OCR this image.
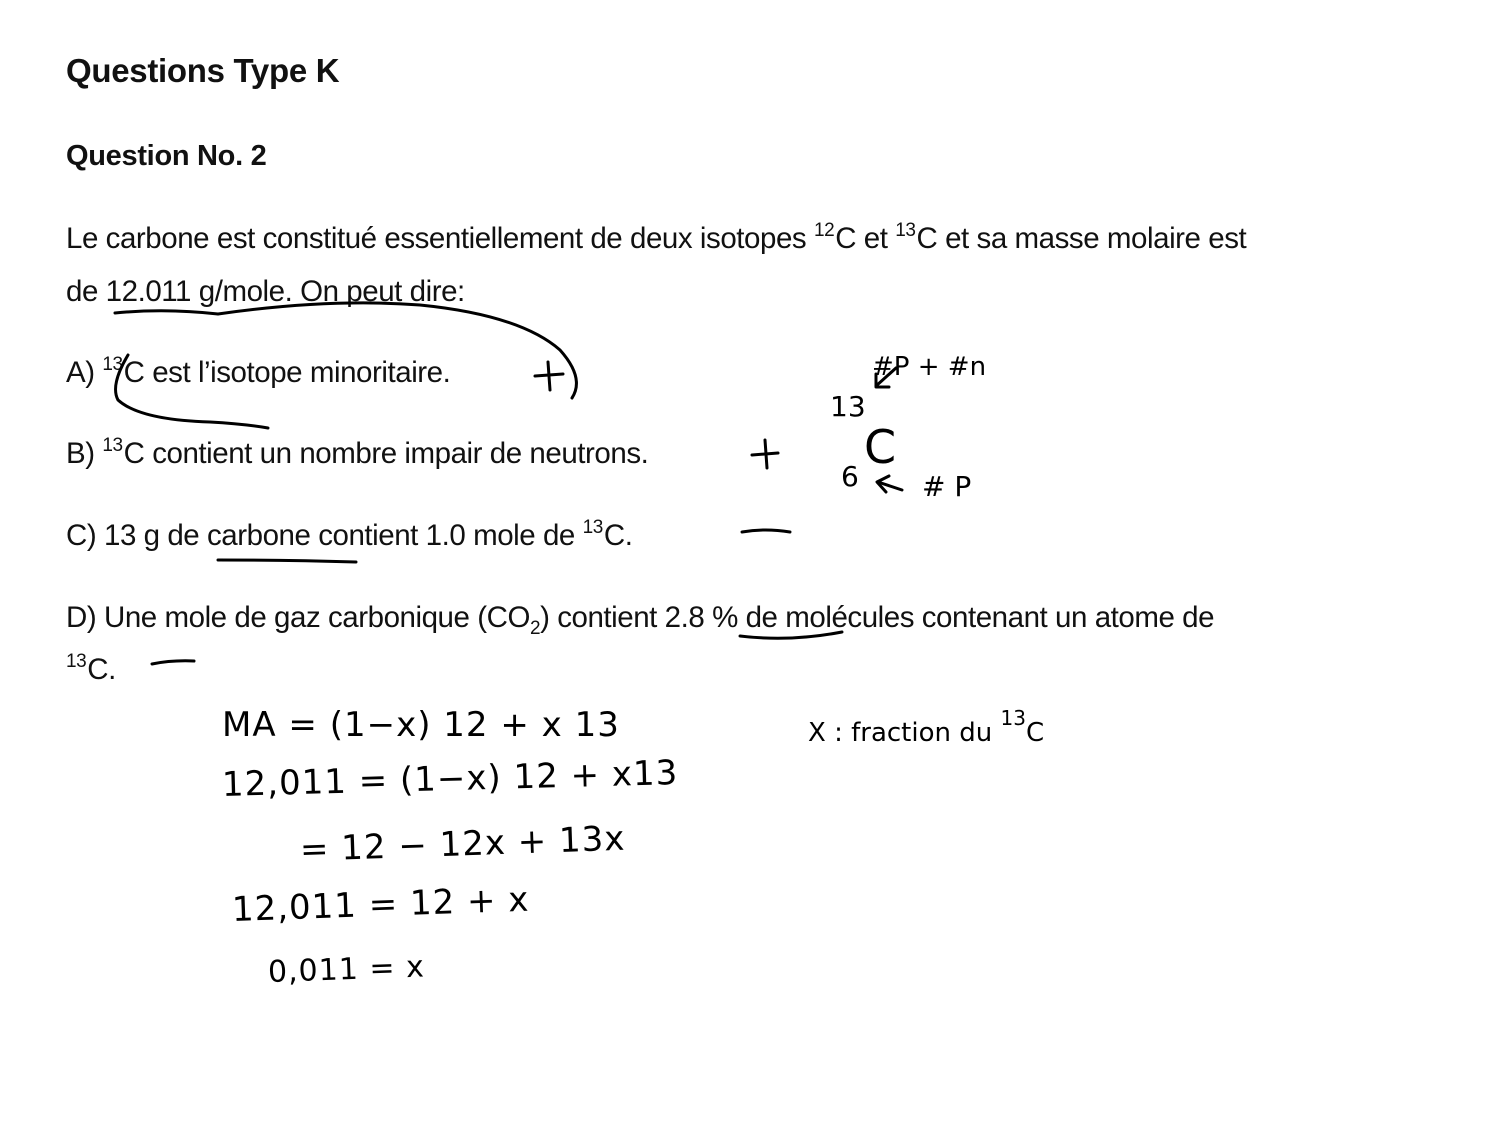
Questions Type K
Question No. 2
Le carbone est constitué essentiellement de deux isotopes $^{12}$C et $^{13}$C et sa masse molaire est
de 12.011 g/mole. On peut dire:
A) $^{13}$C est l’isotope minoritaire.
B) $^{13}$C contient un nombre impair de neutrons.
C) 13 g de carbone contient 1.0 mole de $^{13}$C.
D) Une mole de gaz carbonique $(CO_2)$ contient 2.8 % de molécules contenant un atome de
$^{13}$C.
#P + #n
13
C
6 # P
MA = (1−x) 12 + x 13
12,011 = (1−x) 12 + x13
= 12 − 12x + 13x
12,011 = 12 + x
0,011 = x
X : fraction du $^{13}$C
